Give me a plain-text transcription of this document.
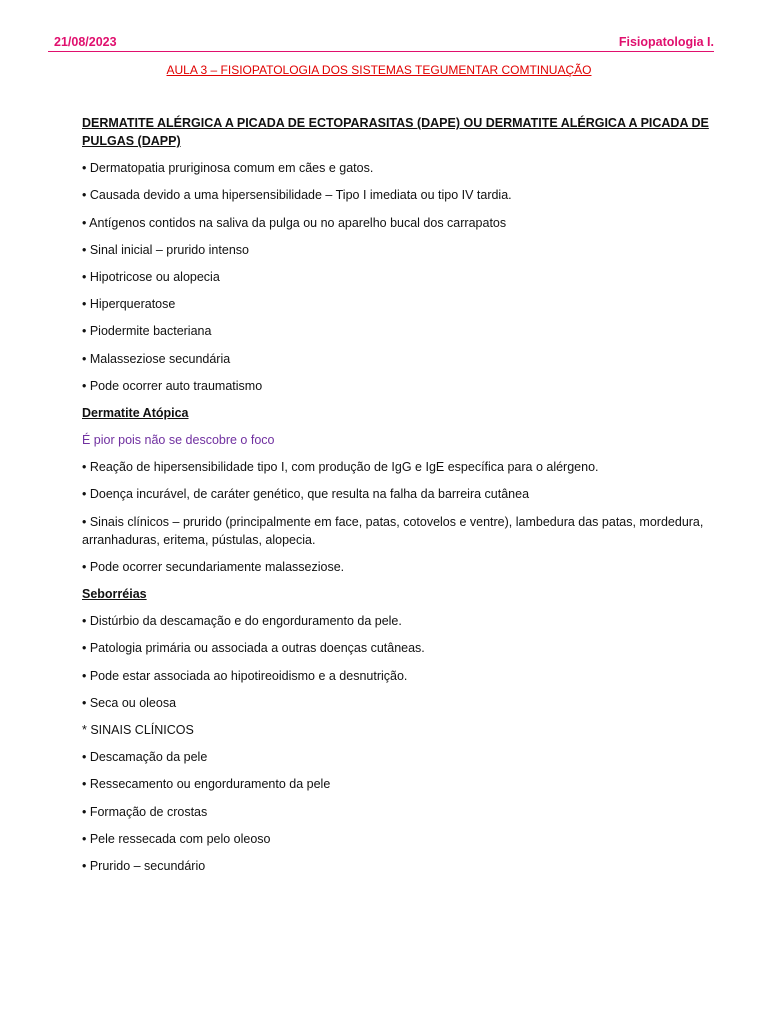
21/08/2023	Fisiopatologia I.
AULA 3 – FISIOPATOLOGIA DOS SISTEMAS TEGUMENTAR COMTINUAÇÃO

DERMATITE ALÉRGICA A PICADA DE ECTOPARASITAS (DAPE) OU DERMATITE ALÉRGICA A PICADA DE PULGAS (DAPP)

• Dermatopatia pruriginosa comum em cães e gatos.

• Causada devido a uma hipersensibilidade – Tipo I imediata ou tipo IV tardia.

• Antígenos contidos na saliva da pulga ou no aparelho bucal dos carrapatos

• Sinal inicial – prurido intenso

• Hipotricose ou alopecia

• Hiperqueratose

• Piodermite bacteriana

• Malasseziose secundária

• Pode ocorrer auto traumatismo

Dermatite Atópica

É pior pois não se descobre o foco

• Reação de hipersensibilidade tipo I, com produção de IgG e IgE específica para o alérgeno.

• Doença incurável, de caráter genético, que resulta na falha da barreira cutânea

• Sinais clínicos – prurido (principalmente em face, patas, cotovelos e ventre), lambedura das patas, mordedura, arranhaduras, eritema, pústulas, alopecia.

• Pode ocorrer secundariamente malasseziose.

Seborréias

• Distúrbio da descamação e do engorduramento da pele.

• Patologia primária ou associada a outras doenças cutâneas.

• Pode estar associada ao hipotireoidismo e a desnutrição.

• Seca ou oleosa

* SINAIS CLÍNICOS

• Descamação da pele

• Ressecamento ou engorduramento da pele

• Formação de crostas

• Pele ressecada com pelo oleoso

• Prurido – secundário
